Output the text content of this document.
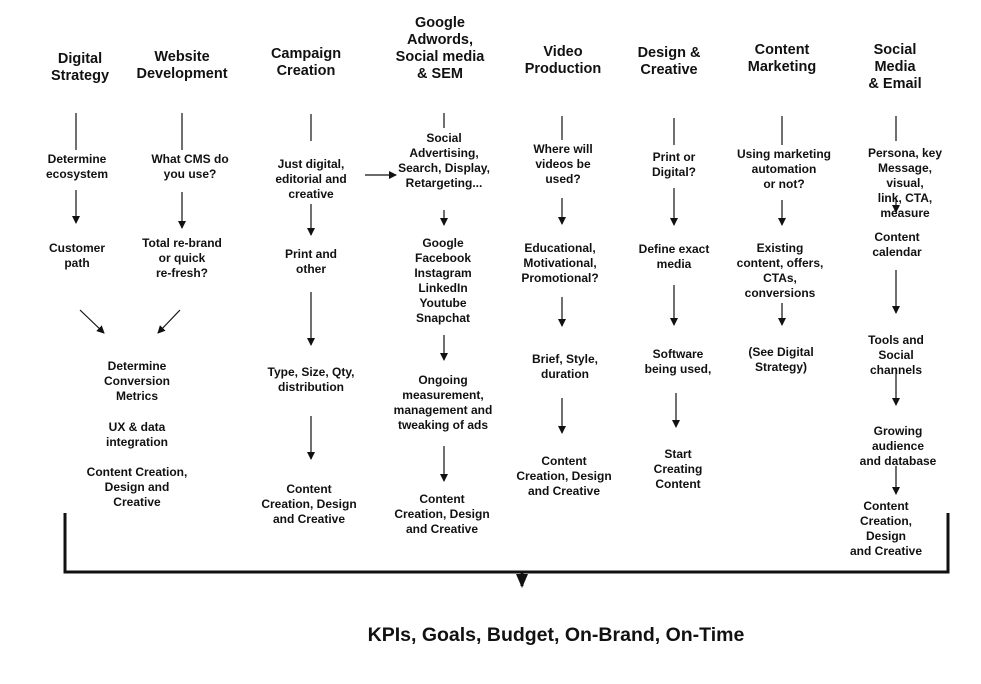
Digital
Strategy
Website
Development
Campaign
Creation
Google
Adwords,
Social media
& SEM
Video
Production
Design &
Creative
Content
Marketing
Social
Media
& Email
Determine
ecosystem
Customer
path
What CMS do
you use?
Total re-brand
or quick
re-fresh?
Determine
Conversion
Metrics
UX & data
integration
Content Creation,
Design and
Creative
Just digital,
editorial and
creative
Print and
other
Type, Size, Qty,
distribution
Content
Creation, Design
and Creative
Social
Advertising,
Search, Display,
Retargeting...
Google
Facebook
Instagram
LinkedIn
Youtube
Snapchat
Ongoing
measurement,
management and
tweaking of ads
Content
Creation, Design
and Creative
Where will
videos be
used?
Educational,
Motivational,
Promotional?
Brief, Style,
duration
Content
Creation, Design
and Creative
Print or
Digital?
Define exact
media
Software
being used,
Start
Creating
Content
Using marketing
automation
or not?
Existing
content, offers,
CTAs,
conversions
(See Digital
Strategy)
Persona, key
Message, visual,
link, CTA, measure
Content
calendar
Tools and Social
channels
Growing audience
and database
Content
Creation, Design
and Creative
KPIs, Goals, Budget, On-Brand, On-Time
